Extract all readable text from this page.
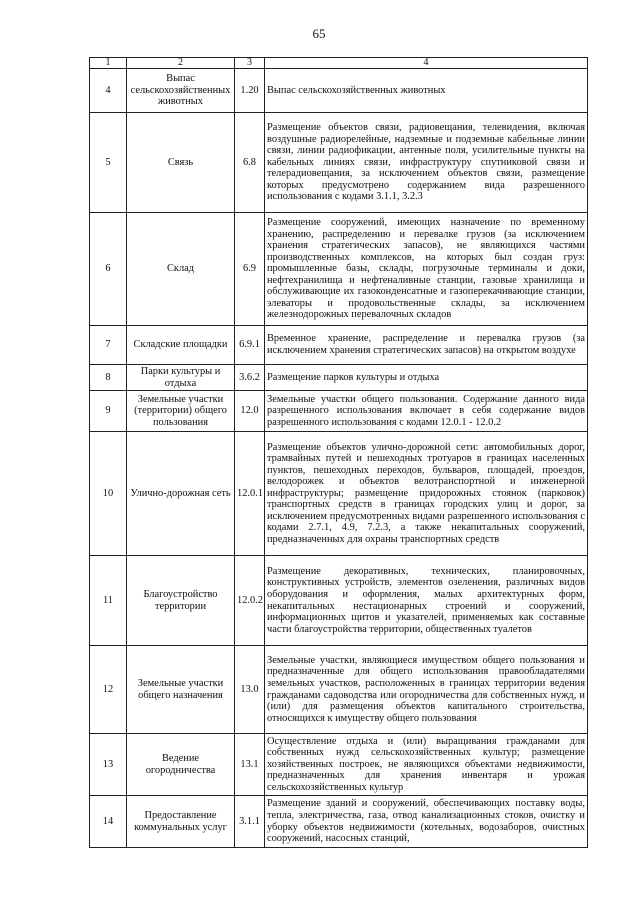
65
1	2	3	4
4	Выпас сельскохозяйственных животных	1.20	Выпас сельскохозяйственных животных
5	Связь	6.8	Размещение объектов связи, радиовещания, телевидения, включая воздушные радиорелейные, надземные и подземные кабельные линии связи, линии радиофикации, антенные поля, усилительные пункты на кабельных линиях связи, инфраструктуру спутниковой связи и телерадиовещания, за исключением объектов связи, размещение которых предусмотрено содержанием вида разрешенного использования с кодами 3.1.1, 3.2.3
6	Склад	6.9	Размещение сооружений, имеющих назначение по временному хранению, распределению и перевалке грузов (за исключением хранения стратегических запасов), не являющихся частями производственных комплексов, на которых был создан груз: промышленные базы, склады, погрузочные терминалы и доки, нефтехранилища и нефтеналивные станции, газовые хранилища и обслуживающие их газоконденсатные и газоперекачивающие станции, элеваторы и продовольственные склады, за исключением железнодорожных перевалочных складов
7	Складские площадки	6.9.1	Временное хранение, распределение и перевалка грузов (за исключением хранения стратегических запасов) на открытом воздухе
8	Парки культуры и отдыха	3.6.2	Размещение парков культуры и отдыха
9	Земельные участки (территории) общего пользования	12.0	Земельные участки общего пользования. Содержание данного вида разрешенного использования включает в себя содержание видов разрешенного использования с кодами 12.0.1 - 12.0.2
10	Улично-дорожная сеть	12.0.1	Размещение объектов улично-дорожной сети: автомобильных дорог, трамвайных путей и пешеходных тротуаров в границах населенных пунктов, пешеходных переходов, бульваров, площадей, проездов, велодорожек и объектов велотранспортной и инженерной инфраструктуры; размещение придорожных стоянок (парковок) транспортных средств в границах городских улиц и дорог, за исключением предусмотренных видами разрешенного использования с кодами 2.7.1, 4.9, 7.2.3, а также некапитальных сооружений, предназначенных для охраны транспортных средств
11	Благоустройство территории	12.0.2	Размещение декоративных, технических, планировочных, конструктивных устройств, элементов озеленения, различных видов оборудования и оформления, малых архитектурных форм, некапитальных нестационарных строений и сооружений, информационных щитов и указателей, применяемых как составные части благоустройства территории, общественных туалетов
12	Земельные участки общего назначения	13.0	Земельные участки, являющиеся имуществом общего пользования и предназначенные для общего использования правообладателями земельных участков, расположенных в границах территории ведения гражданами садоводства или огородничества для собственных нужд, и (или) для размещения объектов капитального строительства, относящихся к имуществу общего пользования
13	Ведение огородничества	13.1	Осуществление отдыха и (или) выращивания гражданами для собственных нужд сельскохозяйственных культур; размещение хозяйственных построек, не являющихся объектами недвижимости, предназначенных для хранения инвентаря и урожая сельскохозяйственных культур
14	Предоставление коммунальных услуг	3.1.1	Размещение зданий и сооружений, обеспечивающих поставку воды, тепла, электричества, газа, отвод канализационных стоков, очистку и уборку объектов недвижимости (котельных, водозаборов, очистных сооружений, насосных станций,
